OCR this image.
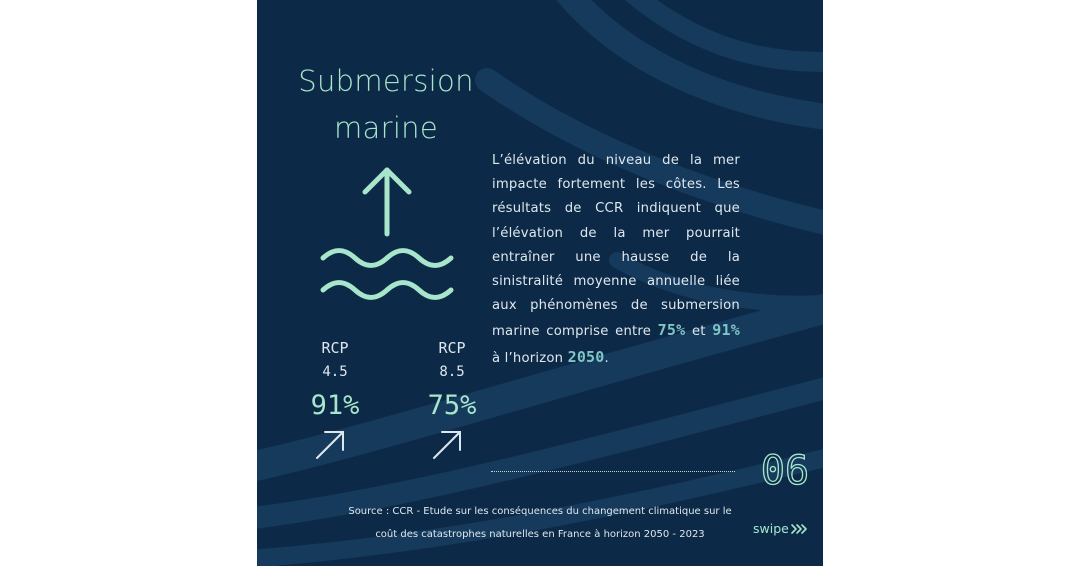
Submersion
marine
L’élévation du niveau de la mer impacte fortement les côtes. Les résultats de CCR indiquent que l’élévation de la mer pourrait entraîner une hausse de la sinistralité moyenne annuelle liée aux phénomènes de submersion marine comprise entre 75% et 91% à l’horizon 2050.
RCP
4.5
91%
RCP
8.5
75%
06
Source : CCR - Etude sur les conséquences du changement climatique sur le
coût des catastrophes naturelles en France à horizon 2050 - 2023	swipe
